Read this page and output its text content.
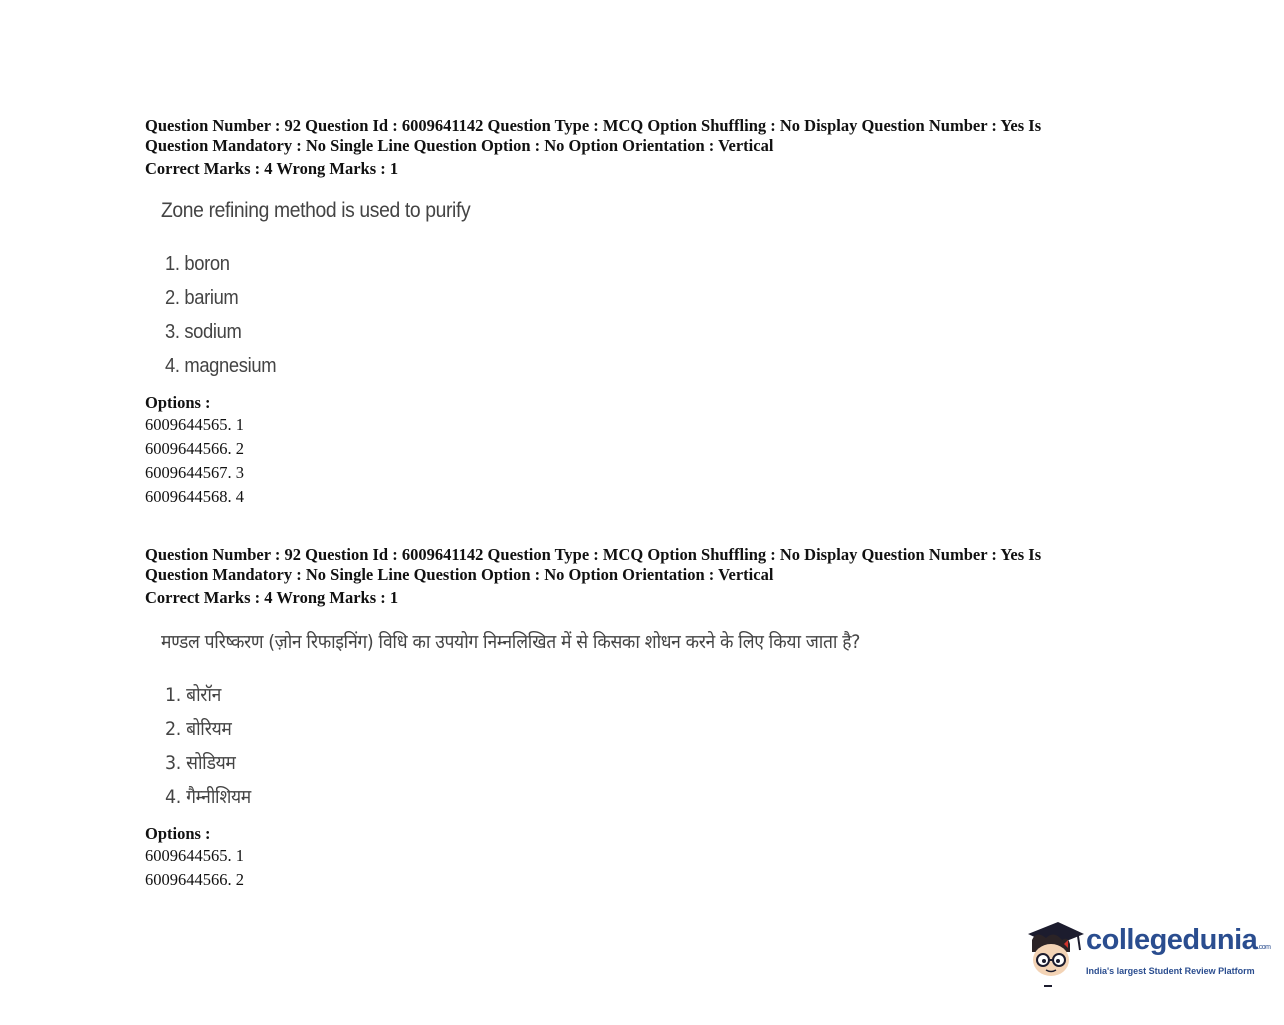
Question Number : 92 Question Id : 6009641142 Question Type : MCQ Option Shuffling : No Display Question Number : Yes Is
Question Mandatory : No Single Line Question Option : No Option Orientation : Vertical
Correct Marks : 4 Wrong Marks : 1
Zone refining method is used to purify
1. boron
2. barium
3. sodium
4. magnesium
Options :
6009644565. 1
6009644566. 2
6009644567. 3
6009644568. 4
Question Number : 92 Question Id : 6009641142 Question Type : MCQ Option Shuffling : No Display Question Number : Yes Is
Question Mandatory : No Single Line Question Option : No Option Orientation : Vertical
Correct Marks : 4 Wrong Marks : 1
मण्डल परिष्करण (ज़ोन रिफाइनिंग) विधि का उपयोग निम्नलिखित में से किसका शोधन करने के लिए किया जाता है?
1. बोरॉन
2. बोरियम
3. सोडियम
4. गैम्नीशियम
Options :
6009644565. 1
6009644566. 2
collegedunia.com
India's largest Student Review Platform
